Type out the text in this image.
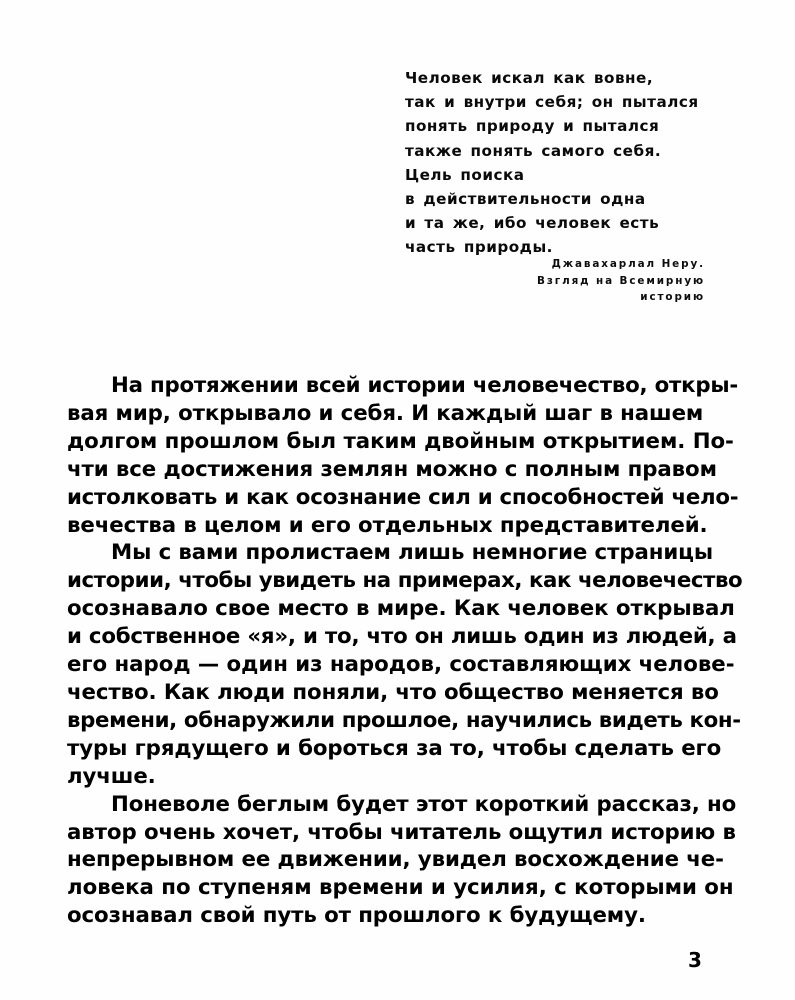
Человек искал как вовне,
так и внутри себя; он пытался
понять природу и пытался
также понять самого себя.
Цель поиска
в действительности одна
и та же, ибо человек есть
часть природы.
Джавахарлал Неру.
Взгляд на Всемирную
историю

На протяжении всей истории человечество, откры-
вая мир, открывало и себя. И каждый шаг в нашем
долгом прошлом был таким двойным открытием. По-
чти все достижения землян можно с полным правом
истолковать и как осознание сил и способностей чело-
вечества в целом и его отдельных представителей.

Мы с вами пролистаем лишь немногие страницы
истории, чтобы увидеть на примерах, как человечество
осознавало свое место в мире. Как человек открывал
и собственное «я», и то, что он лишь один из людей, а
его народ — один из народов, составляющих челове-
чество. Как люди поняли, что общество меняется во
времени, обнаружили прошлое, научились видеть кон-
туры грядущего и бороться за то, чтобы сделать его
лучше.

Поневоле беглым будет этот короткий рассказ, но
автор очень хочет, чтобы читатель ощутил историю в
непрерывном ее движении, увидел восхождение че-
ловека по ступеням времени и усилия, с которыми он
осознавал свой путь от прошлого к будущему.

3
